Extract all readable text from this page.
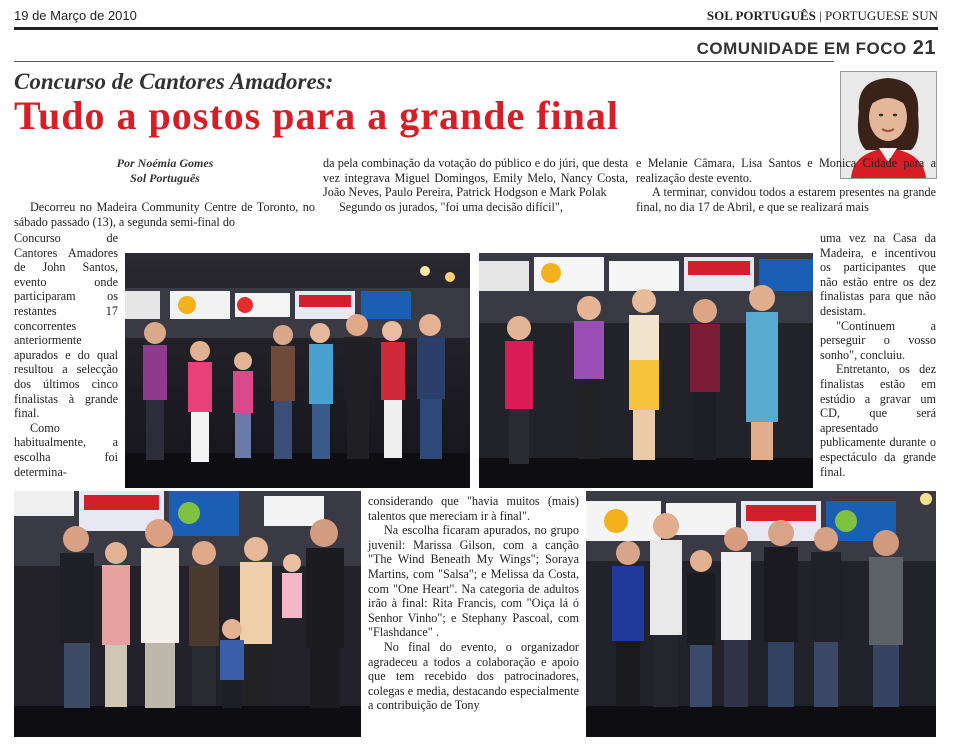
19 de Março de 2010	SOL PORTUGUÊS | PORTUGUESE SUN
COMUNIDADE EM FOCO 21
Concurso de Cantores Amadores:
Tudo a postos para a grande final
Por Noémia Gomes
Sol Português

Decorreu no Madeira Community Centre de Toronto, no sábado passado (13), a segunda semi-final do

Concurso de Cantores Amadores de John Santos, evento onde participaram os restantes 17 concorrentes anteriormente apurados e do qual resultou a selecção dos últimos cinco finalistas à grande final.

Como habitualmente, a escolha foi determina-

da pela combinação da votação do público e do júri, que desta vez integrava Miguel Domingos, Emily Melo, Nancy Costa, João Neves, Paulo Pereira, Patrick Hodgson e Mark Polak

Segundo os jurados, "foi uma decisão difícil",

e Melanie Câmara, Lisa Santos e Monica Cidade para a realização deste evento.

A terminar, convidou todos a estarem presentes na grande final, no dia 17 de Abril, e que se realizará mais

uma vez na Casa da Madeira, e incentivou os participantes que não estão entre os dez finalistas para que não desistam.

"Continuem a perseguir o vosso sonho", concluiu.

Entretanto, os dez finalistas estão em estúdio a gravar um CD, que será apresentado publicamente durante o espectáculo da grande final.

considerando que "havia muitos (mais) talentos que mereciam ir à final".

Na escolha ficaram apurados, no grupo juvenil: Marissa Gilson, com a canção "The Wind Beneath My Wings"; Soraya Martins, com "Salsa"; e Melissa da Costa, com "One Heart". Na categoria de adultos irão à final: Rita Francis, com "Oiça lá ó Senhor Vinho"; e Stephany Pascoal, com "Flashdance" .

No final do evento, o organizador agradeceu a todos a colaboração e apoio que tem recebido dos patrocinadores, colegas e media, destacando especialmente a contribuição de Tony
